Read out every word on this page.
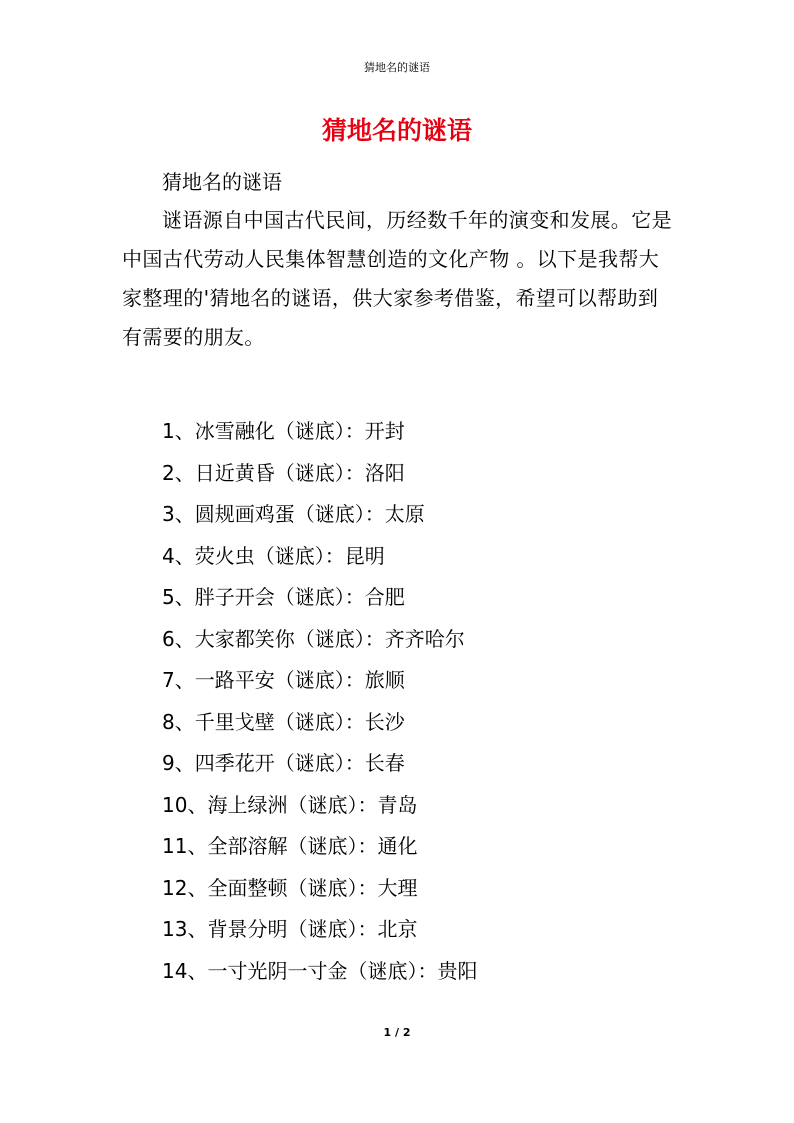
猜地名的谜语
猜地名的谜语

猜地名的谜语

谜语源自中国古代民间，历经数千年的演变和发展。它是中国古代劳动人民集体智慧创造的文化产物 。以下是我帮大家整理的'猜地名的谜语，供大家参考借鉴，希望可以帮助到有需要的朋友。

1、冰雪融化（谜底）：开封
2、日近黄昏（谜底）：洛阳
3、圆规画鸡蛋（谜底）：太原
4、荧火虫（谜底）：昆明
5、胖子开会（谜底）：合肥
6、大家都笑你（谜底）：齐齐哈尔
7、一路平安（谜底）：旅顺
8、千里戈壁（谜底）：长沙
9、四季花开（谜底）：长春
10、海上绿洲（谜底）：青岛
11、全部溶解（谜底）：通化
12、全面整顿（谜底）：大理
13、背景分明（谜底）：北京
14、一寸光阴一寸金（谜底）：贵阳
1 / 2
